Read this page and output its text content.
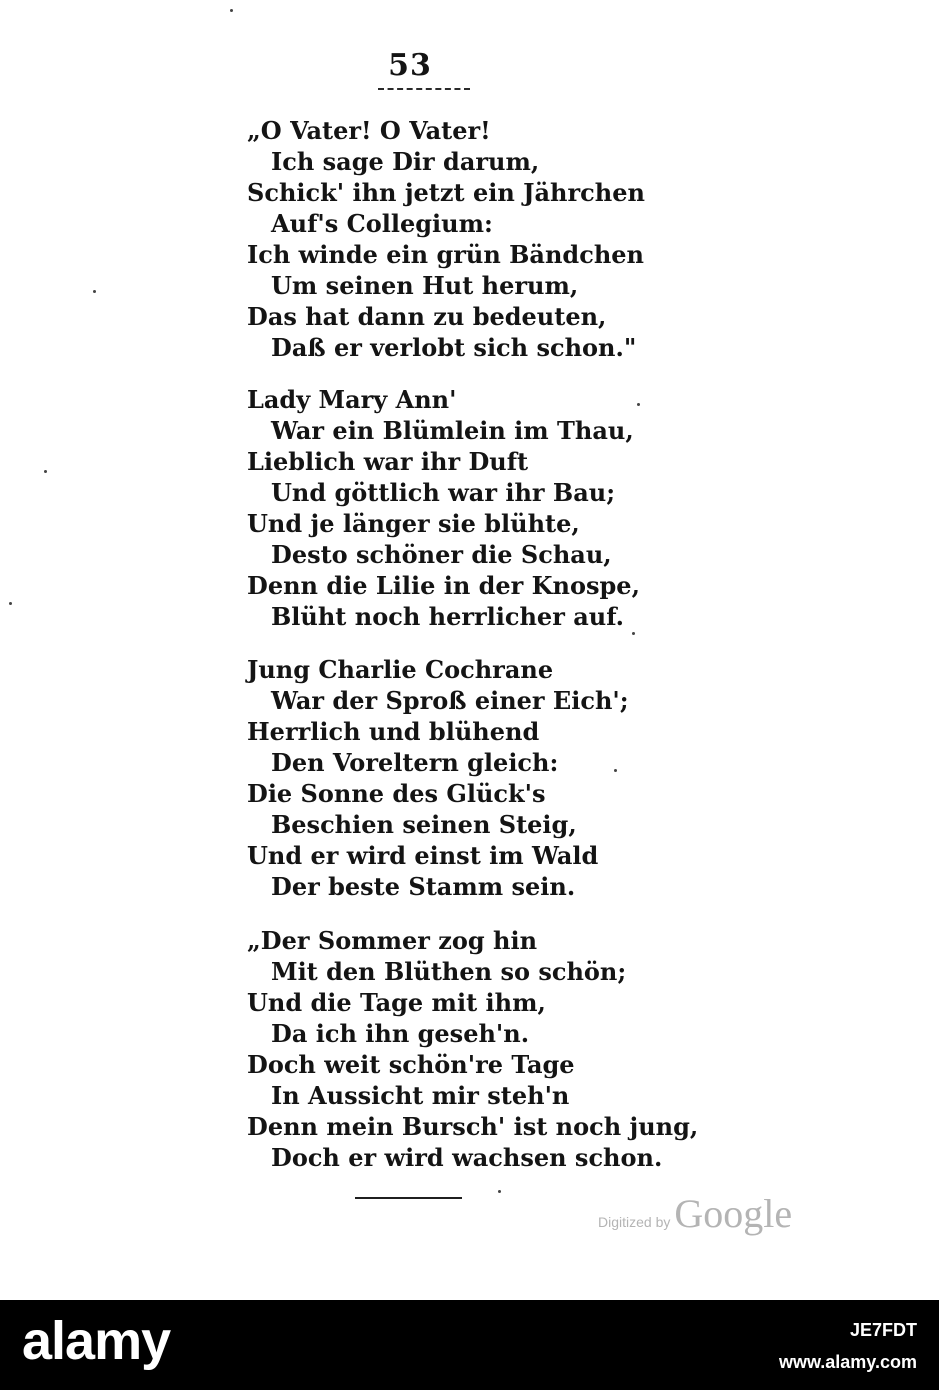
53
„O Vater! O Vater!
Ich sage Dir darum,
Schick' ihn jetzt ein Jährchen
Auf's Collegium:
Ich winde ein grün Bändchen
Um seinen Hut herum,
Das hat dann zu bedeuten,
Daß er verlobt sich schon."
Lady Mary Ann'
War ein Blümlein im Thau,
Lieblich war ihr Duft
Und göttlich war ihr Bau;
Und je länger sie blühte,
Desto schöner die Schau,
Denn die Lilie in der Knospe,
Blüht noch herrlicher auf.
Jung Charlie Cochrane
War der Sproß einer Eich';
Herrlich und blühend
Den Voreltern gleich:
Die Sonne des Glück's
Beschien seinen Steig,
Und er wird einst im Wald
Der beste Stamm sein.
„Der Sommer zog hin
Mit den Blüthen so schön;
Und die Tage mit ihm,
Da ich ihn geseh'n.
Doch weit schön're Tage
In Aussicht mir steh'n
Denn mein Bursch' ist noch jung,
Doch er wird wachsen schon.
Digitized by Google
alamy	JE7FDT
www.alamy.com
